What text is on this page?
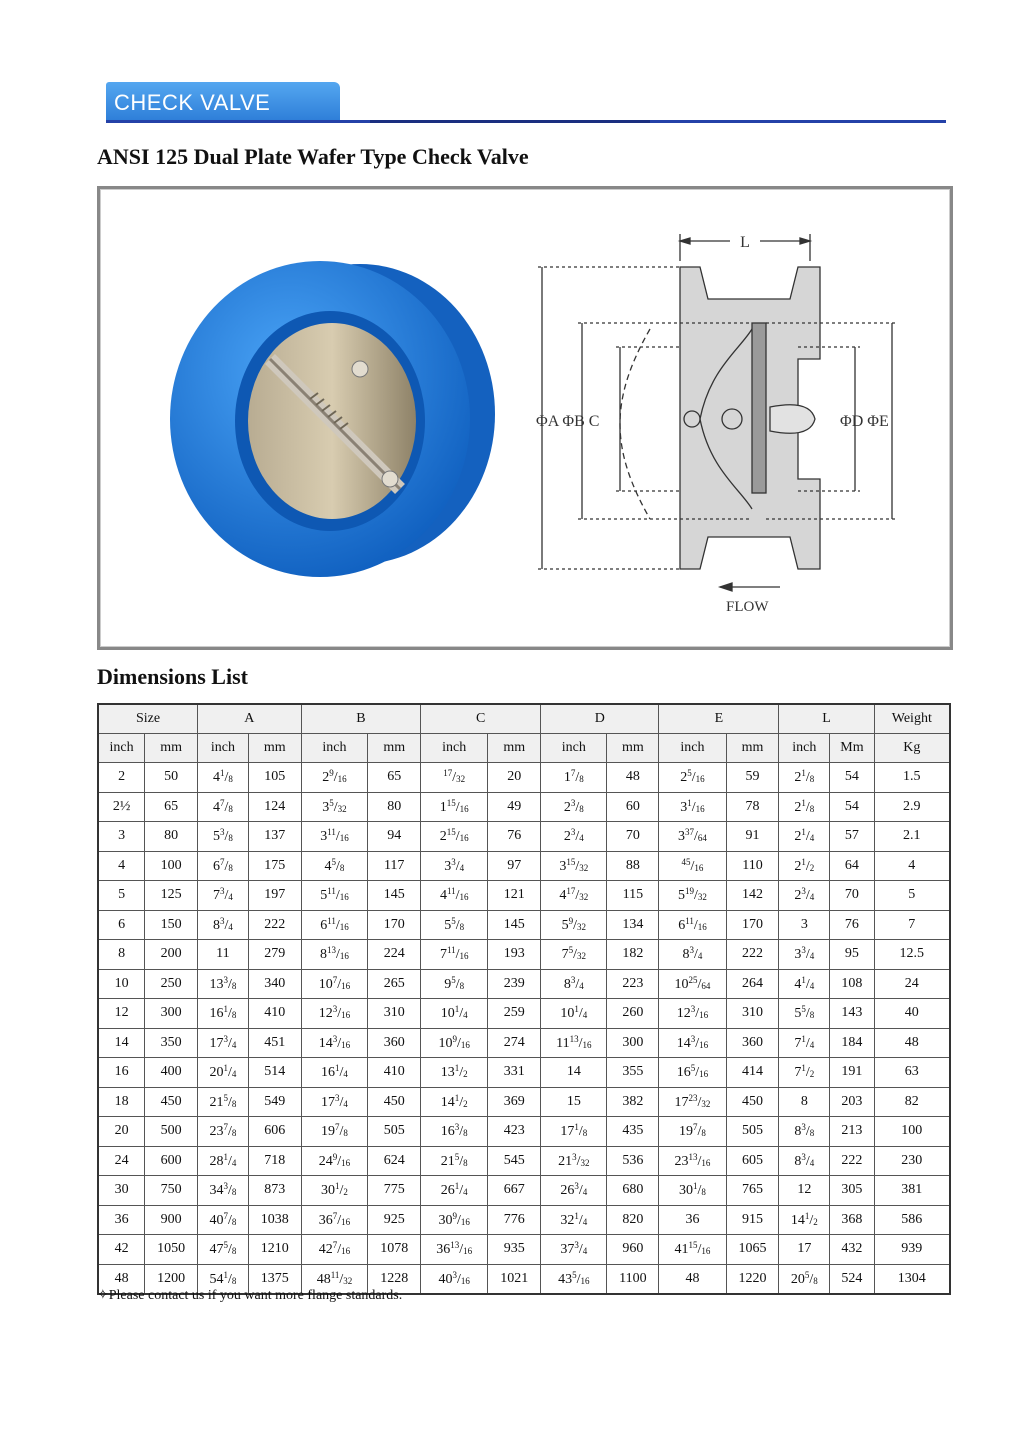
CHECK VALVE
ANSI 125 Dual Plate Wafer Type Check Valve
L
ΦA ΦB C	ΦD ΦE
FLOW
Dimensions List
Size		A		B		C		D		E		L		Weight
inch	mm	inch	mm	inch	mm	inch	mm	inch	mm	inch	mm	inch	Mm	Kg
2	50	$4^1/_8$	105	$2^9/_{16}$	65	$^{17}/_{32}$	20	$1^7/_8$	48	$2^5/_{16}$	59	$2^1/_8$	54	1.5
2½	65	$4^7/_8$	124	$3^5/_{32}$	80	$1^{15}/_{16}$	49	$2^3/_8$	60	$3^1/_{16}$	78	$2^1/_8$	54	2.9
3	80	$5^3/_8$	137	$3^{11}/_{16}$	94	$2^{15}/_{16}$	76	$2^3/_4$	70	$3^{37}/_{64}$	91	$2^1/_4$	57	2.1
4	100	$6^7/_8$	175	$4^5/_8$	117	$3^3/_4$	97	$3^{15}/_{32}$	88	$^{45}/_{16}$	110	$2^1/_2$	64	4
5	125	$7^3/_4$	197	$5^{11}/_{16}$	145	$4^{11}/_{16}$	121	$4^{17}/_{32}$	115	$5^{19}/_{32}$	142	$2^3/_4$	70	5
6	150	$8^3/_4$	222	$6^{11}/_{16}$	170	$5^5/_8$	145	$5^9/_{32}$	134	$6^{11}/_{16}$	170	3	76	7
8	200	11	279	$8^{13}/_{16}$	224	$7^{11}/_{16}$	193	$7^5/_{32}$	182	$8^3/_4$	222	$3^3/_4$	95	12.5
10	250	$13^3/_8$	340	$10^7/_{16}$	265	$9^5/_8$	239	$8^3/_4$	223	$10^{25}/_{64}$	264	$4^1/_4$	108	24
12	300	$16^1/_8$	410	$12^3/_{16}$	310	$10^1/_4$	259	$10^1/_4$	260	$12^3/_{16}$	310	$5^5/_8$	143	40
14	350	$17^3/_4$	451	$14^3/_{16}$	360	$10^9/_{16}$	274	$11^{13}/_{16}$	300	$14^3/_{16}$	360	$7^1/_4$	184	48
16	400	$20^1/_4$	514	$16^1/_4$	410	$13^1/_2$	331	14	355	$16^5/_{16}$	414	$7^1/_2$	191	63
18	450	$21^5/_8$	549	$17^3/_4$	450	$14^1/_2$	369	15	382	$17^{23}/_{32}$	450	8	203	82
20	500	$23^7/_8$	606	$19^7/_8$	505	$16^3/_8$	423	$17^1/_8$	435	$19^7/_8$	505	$8^3/_8$	213	100
24	600	$28^1/_4$	718	$24^9/_{16}$	624	$21^5/_8$	545	$21^3/_{32}$	536	$23^{13}/_{16}$	605	$8^3/_4$	222	230
30	750	$34^3/_8$	873	$30^1/_2$	775	$26^1/_4$	667	$26^3/_4$	680	$30^1/_8$	765	12	305	381
36	900	$40^7/_8$	1038	$36^7/_{16}$	925	$30^9/_{16}$	776	$32^1/_4$	820	36	915	$14^1/_2$	368	586
42	1050	$47^5/_8$	1210	$42^7/_{16}$	1078	$36^{13}/_{16}$	935	$37^3/_4$	960	$41^{15}/_{16}$	1065	17	432	939
48	1200	$54^1/_8$	1375	$48^{11}/_{32}$	1228	$40^3/_{16}$	1021	$43^5/_{16}$	1100	48	1220	$20^5/_8$	524	1304
✧Please contact us if you want more flange standards.
